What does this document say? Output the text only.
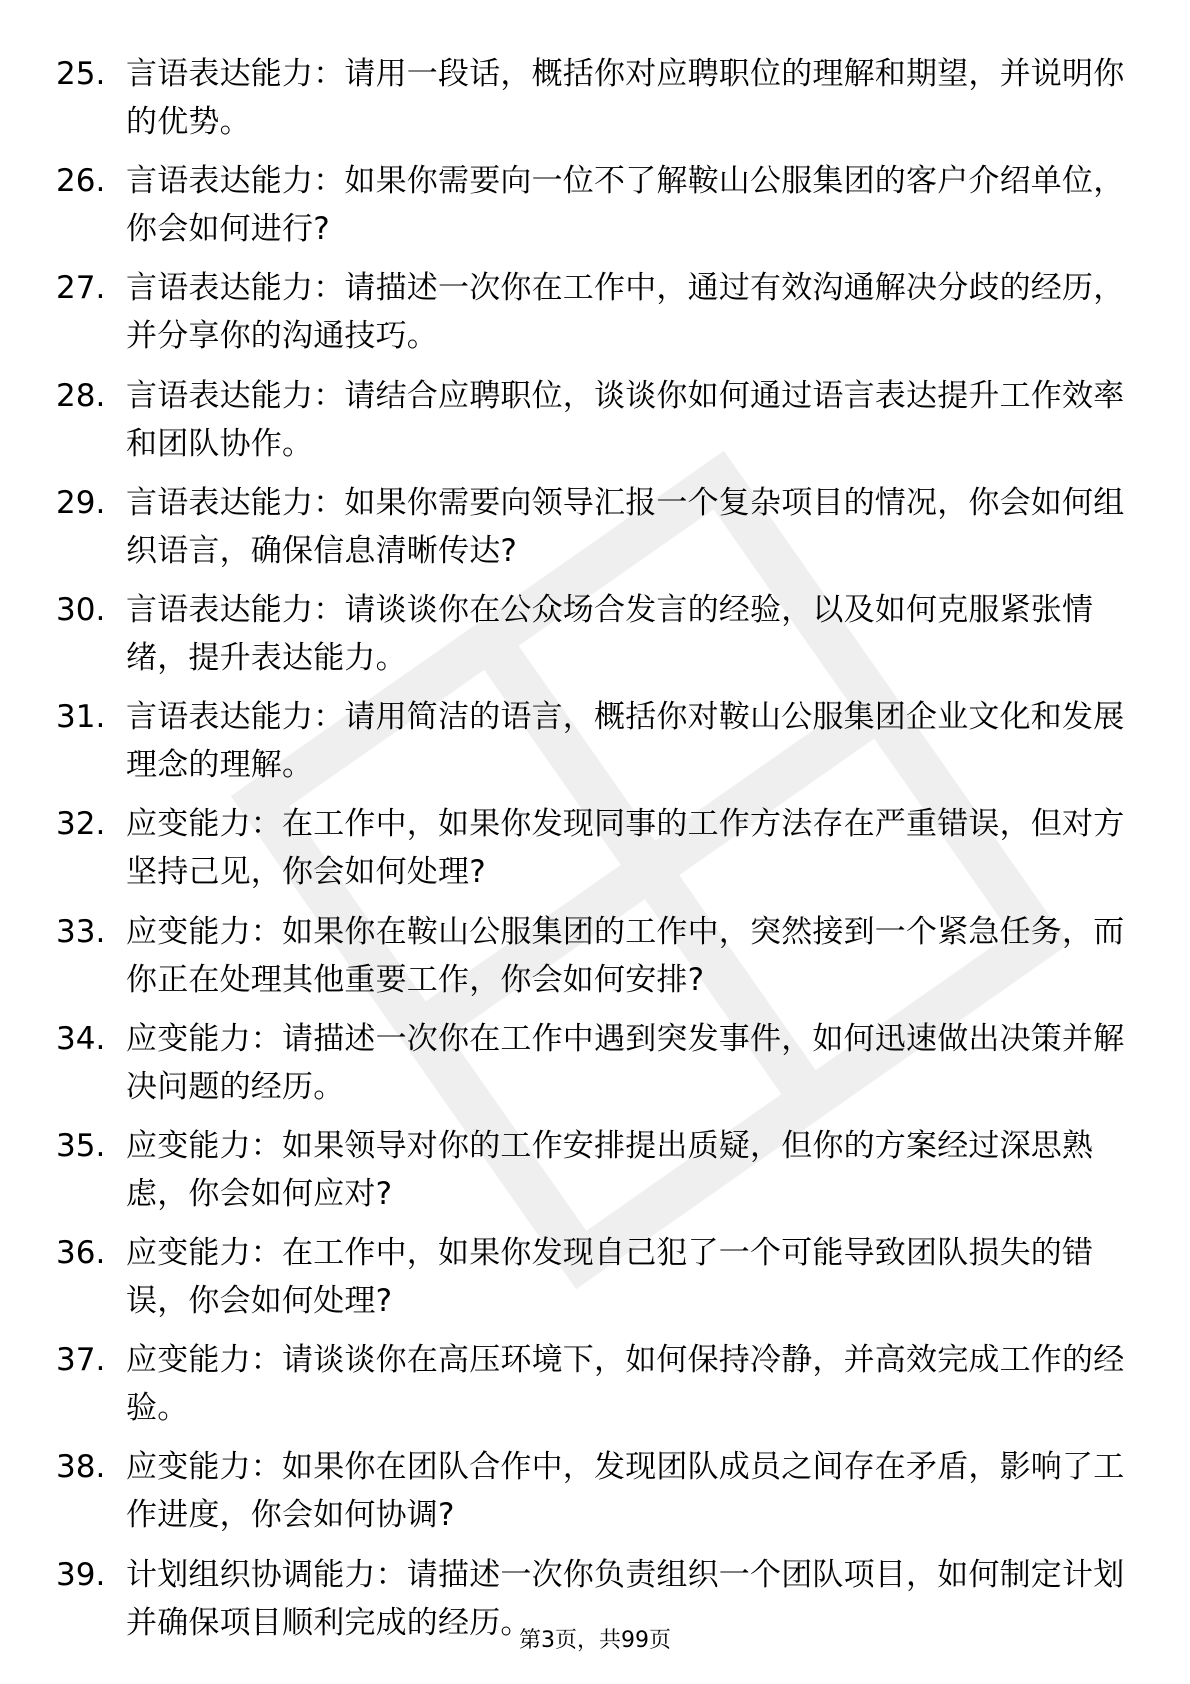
25. 言语表达能力：请用一段话，概括你对应聘职位的理解和期望，并说明你的优势。
26. 言语表达能力：如果你需要向一位不了解鞍山公服集团的客户介绍单位，你会如何进行?
27. 言语表达能力：请描述一次你在工作中，通过有效沟通解决分歧的经历，并分享你的沟通技巧。
28. 言语表达能力：请结合应聘职位，谈谈你如何通过语言表达提升工作效率和团队协作。
29. 言语表达能力：如果你需要向领导汇报一个复杂项目的情况，你会如何组织语言，确保信息清晰传达?
30. 言语表达能力：请谈谈你在公众场合发言的经验，以及如何克服紧张情绪，提升表达能力。
31. 言语表达能力：请用简洁的语言，概括你对鞍山公服集团企业文化和发展理念的理解。
32. 应变能力：在工作中，如果你发现同事的工作方法存在严重错误，但对方坚持己见，你会如何处理?
33. 应变能力：如果你在鞍山公服集团的工作中，突然接到一个紧急任务，而你正在处理其他重要工作，你会如何安排?
34. 应变能力：请描述一次你在工作中遇到突发事件，如何迅速做出决策并解决问题的经历。
35. 应变能力：如果领导对你的工作安排提出质疑，但你的方案经过深思熟虑，你会如何应对?
36. 应变能力：在工作中，如果你发现自己犯了一个可能导致团队损失的错误，你会如何处理?
37. 应变能力：请谈谈你在高压环境下，如何保持冷静，并高效完成工作的经验。
38. 应变能力：如果你在团队合作中，发现团队成员之间存在矛盾，影响了工作进度，你会如何协调?
39. 计划组织协调能力：请描述一次你负责组织一个团队项目，如何制定计划并确保项目顺利完成的经历。
第3页，共99页
